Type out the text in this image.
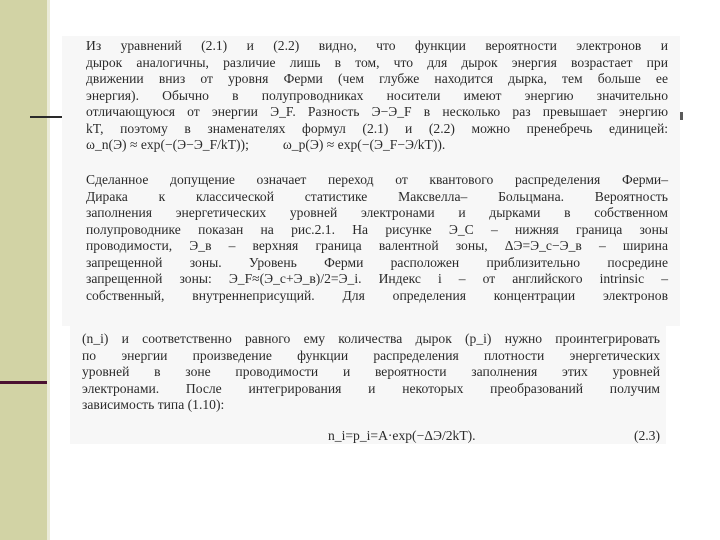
Из уравнений (2.1) и (2.2) видно, что функции вероятности электронов и
дырок аналогичны, различие лишь в том, что для дырок энергия возрастает при
движении вниз от уровня Ферми (чем глубже находится дырка, тем больше ее
энергия). Обычно в полупроводниках носители имеют энергию значительно
отличающуюся от энергии Э_F. Разность Э−Э_F в несколько раз превышает энергию
kT, поэтому в знаменателях формул (2.1) и (2.2) можно пренебречь единицей:
ω_n(Э) ≈ exp(−(Э−Э_F/kT));          ω_p(Э) ≈ exp(−(Э_F−Э/kT)).
Сделанное допущение означает переход от квантового распределения Ферми–
Дирака к классической статистике Максвелла– Больцмана. Вероятность
заполнения энергетических уровней электронами и дырками в собственном
полупроводнике показан на рис.2.1. На рисунке Э_C – нижняя граница зоны
проводимости, Э_в – верхняя граница валентной зоны, ΔЭ=Э_c−Э_в – ширина
запрещенной зоны. Уровень Ферми расположен приблизительно посредине
запрещенной зоны: Э_F≈(Э_с+Э_в)/2=Э_i. Индекс i – от английского intrinsic –
собственный, внутреннеприсущий. Для определения концентрации электронов
(n_i) и соответственно равного ему количества дырок (p_i) нужно проинтегрировать
по энергии произведение функции распределения плотности энергетических
уровней в зоне проводимости и вероятности заполнения этих уровней
электронами. После интегрирования и некоторых преобразований получим
зависимость типа (1.10):
n_i=p_i=A·exp(−ΔЭ/2kT).	(2.3)
